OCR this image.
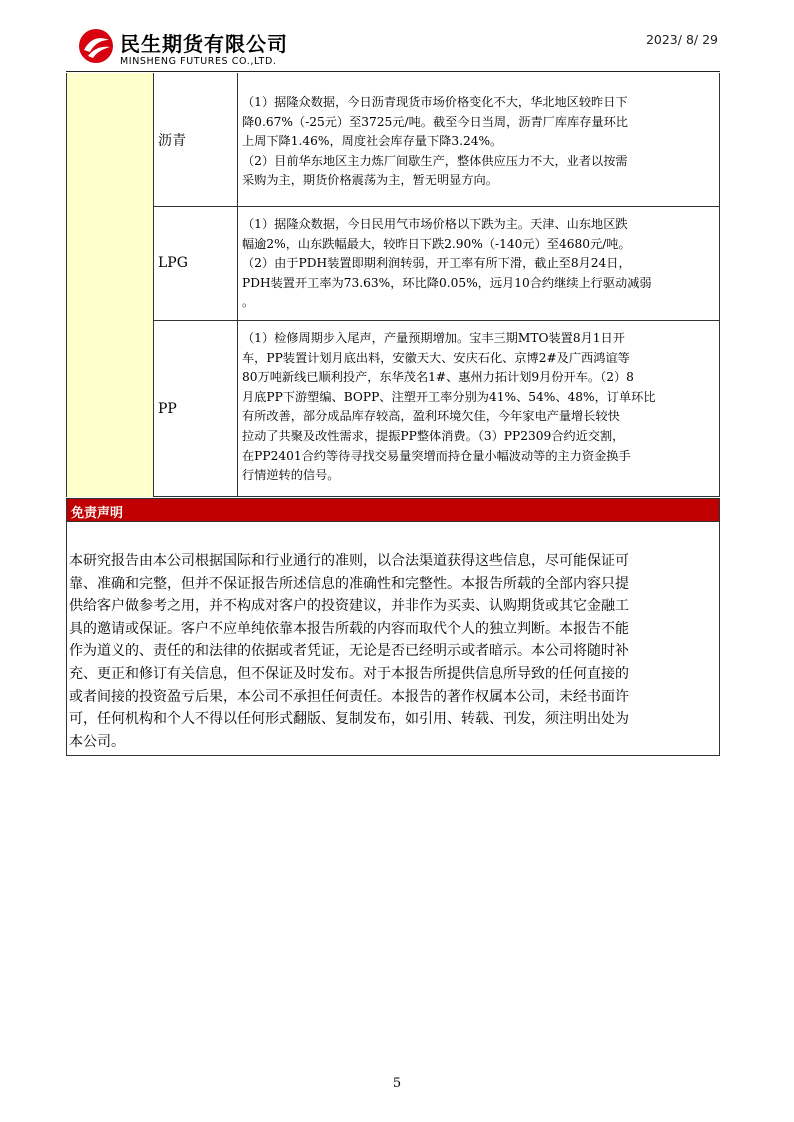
民生期货有限公司
MINSHENG FUTURES CO.,LTD.
2023/ 8/ 29
沥青

（1）据隆众数据，今日沥青现货市场价格变化不大，华北地区较昨日下

降0.67%（-25元）至3725元/吨。截至今日当周，沥青厂库库存量环比

上周下降1.46%，周度社会库存量下降3.24%。

（2）目前华东地区主力炼厂间歇生产，整体供应压力不大，业者以按需

采购为主，期货价格震荡为主，暂无明显方向。

LPG

（1）据隆众数据，今日民用气市场价格以下跌为主。天津、山东地区跌

幅逾2%，山东跌幅最大，较昨日下跌2.90%（-140元）至4680元/吨。

（2）由于PDH装置即期利润转弱，开工率有所下滑，截止至8月24日，

PDH装置开工率为73.63%，环比降0.05%，远月10合约继续上行驱动减弱

。

PP

（1）检修周期步入尾声，产量预期增加。宝丰三期MTO装置8月1日开

车，PP装置计划月底出料，安徽天大、安庆石化、京博2#及广西鸿谊等

80万吨新线已顺利投产，东华茂名1#、惠州力拓计划9月份开车。（2）8

月底PP下游塑编、BOPP、注塑开工率分别为41%、54%、48%，订单环比

有所改善，部分成品库存较高，盈利环境欠佳，今年家电产量增长较快

拉动了共聚及改性需求，提振PP整体消费。（3）PP2309合约近交割，

在PP2401合约等待寻找交易量突增而持仓量小幅波动等的主力资金换手

行情逆转的信号。

免责声明
本研究报告由本公司根据国际和行业通行的准则，以合法渠道获得这些信息，尽可能保证可
靠、准确和完整，但并不保证报告所述信息的准确性和完整性。本报告所载的全部内容只提
供给客户做参考之用，并不构成对客户的投资建议，并非作为买卖、认购期货或其它金融工
具的邀请或保证。客户不应单纯依靠本报告所载的内容而取代个人的独立判断。本报告不能
作为道义的、责任的和法律的依据或者凭证，无论是否已经明示或者暗示。本公司将随时补
充、更正和修订有关信息，但不保证及时发布。对于本报告所提供信息所导致的任何直接的
或者间接的投资盈亏后果，本公司不承担任何责任。本报告的著作权属本公司，未经书面许
可，任何机构和个人不得以任何形式翻版、复制发布，如引用、转载、刊发，须注明出处为
本公司。
5
